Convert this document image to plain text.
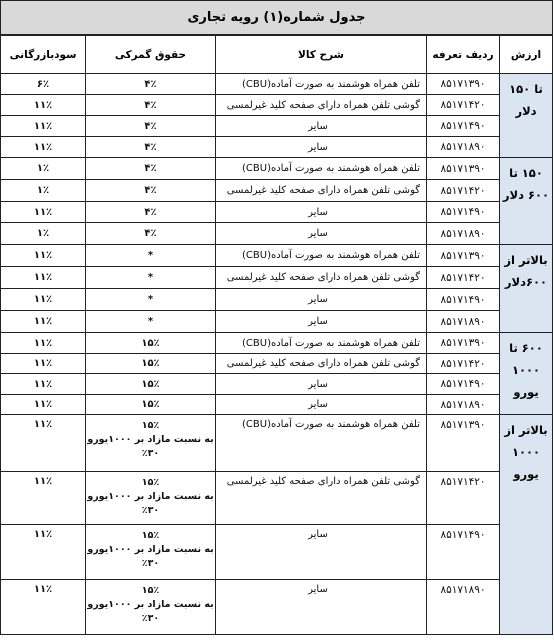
جدول شماره(۱) رویه تجاری
ارزش
ردیف تعرفه
شرح کالا
حقوق گمرکی
سودبازرگانی
تا ۱۵۰ دلار
۸۵۱۷۱۳۹۰
تلفن همراه هوشمند به صورت آماده(CBU)
۴٪
۶٪
۸۵۱۷۱۴۲۰
گوشی تلفن همراه دارای صفحه کلید غیرلمسی
۴٪
۱۱٪
۸۵۱۷۱۴۹۰
سایر
۴٪
۱۱٪
۸۵۱۷۱۸۹۰
سایر
۴٪
۱۱٪
۱۵۰ تا ۶۰۰ دلار
۸۵۱۷۱۳۹۰
تلفن همراه هوشمند به صورت آماده(CBU)
۴٪
۱٪
۸۵۱۷۱۴۲۰
گوشی تلفن همراه دارای صفحه کلید غیرلمسی
۴٪
۱٪
۸۵۱۷۱۴۹۰
سایر
۴٪
۱۱٪
۸۵۱۷۱۸۹۰
سایر
۴٪
۱٪
بالاتر از ۶۰۰دلار
۸۵۱۷۱۳۹۰
تلفن همراه هوشمند به صورت آماده(CBU)
*
۱۱٪
۸۵۱۷۱۴۲۰
گوشی تلفن همراه دارای صفحه کلید غیرلمسی
*
۱۱٪
۸۵۱۷۱۴۹۰
سایر
*
۱۱٪
۸۵۱۷۱۸۹۰
سایر
*
۱۱٪
۶۰۰ تا ۱۰۰۰ یورو
۸۵۱۷۱۳۹۰
تلفن همراه هوشمند به صورت آماده(CBU)
۱۵٪
۱۱٪
۸۵۱۷۱۴۲۰
گوشی تلفن همراه دارای صفحه کلید غیرلمسی
۱۵٪
۱۱٪
۸۵۱۷۱۴۹۰
سایر
۱۵٪
۱۱٪
۸۵۱۷۱۸۹۰
سایر
۱۵٪
۱۱٪
بالاتر از ۱۰۰۰ یورو
۸۵۱۷۱۳۹۰
تلفن همراه هوشمند به صورت آماده(CBU)
۱۵٪
به نسبت مازاد بر ۱۰۰۰یورو ۳۰٪
۱۱٪
۸۵۱۷۱۴۲۰
گوشی تلفن همراه دارای صفحه کلید غیرلمسی
۱۵٪
به نسبت مازاد بر ۱۰۰۰یورو ۳۰٪
۱۱٪
۸۵۱۷۱۴۹۰
سایر
۱۵٪
به نسبت مازاد بر ۱۰۰۰یورو ۳۰٪
۱۱٪
۸۵۱۷۱۸۹۰
سایر
۱۵٪
به نسبت مازاد بر ۱۰۰۰یورو ۳۰٪
۱۱٪
